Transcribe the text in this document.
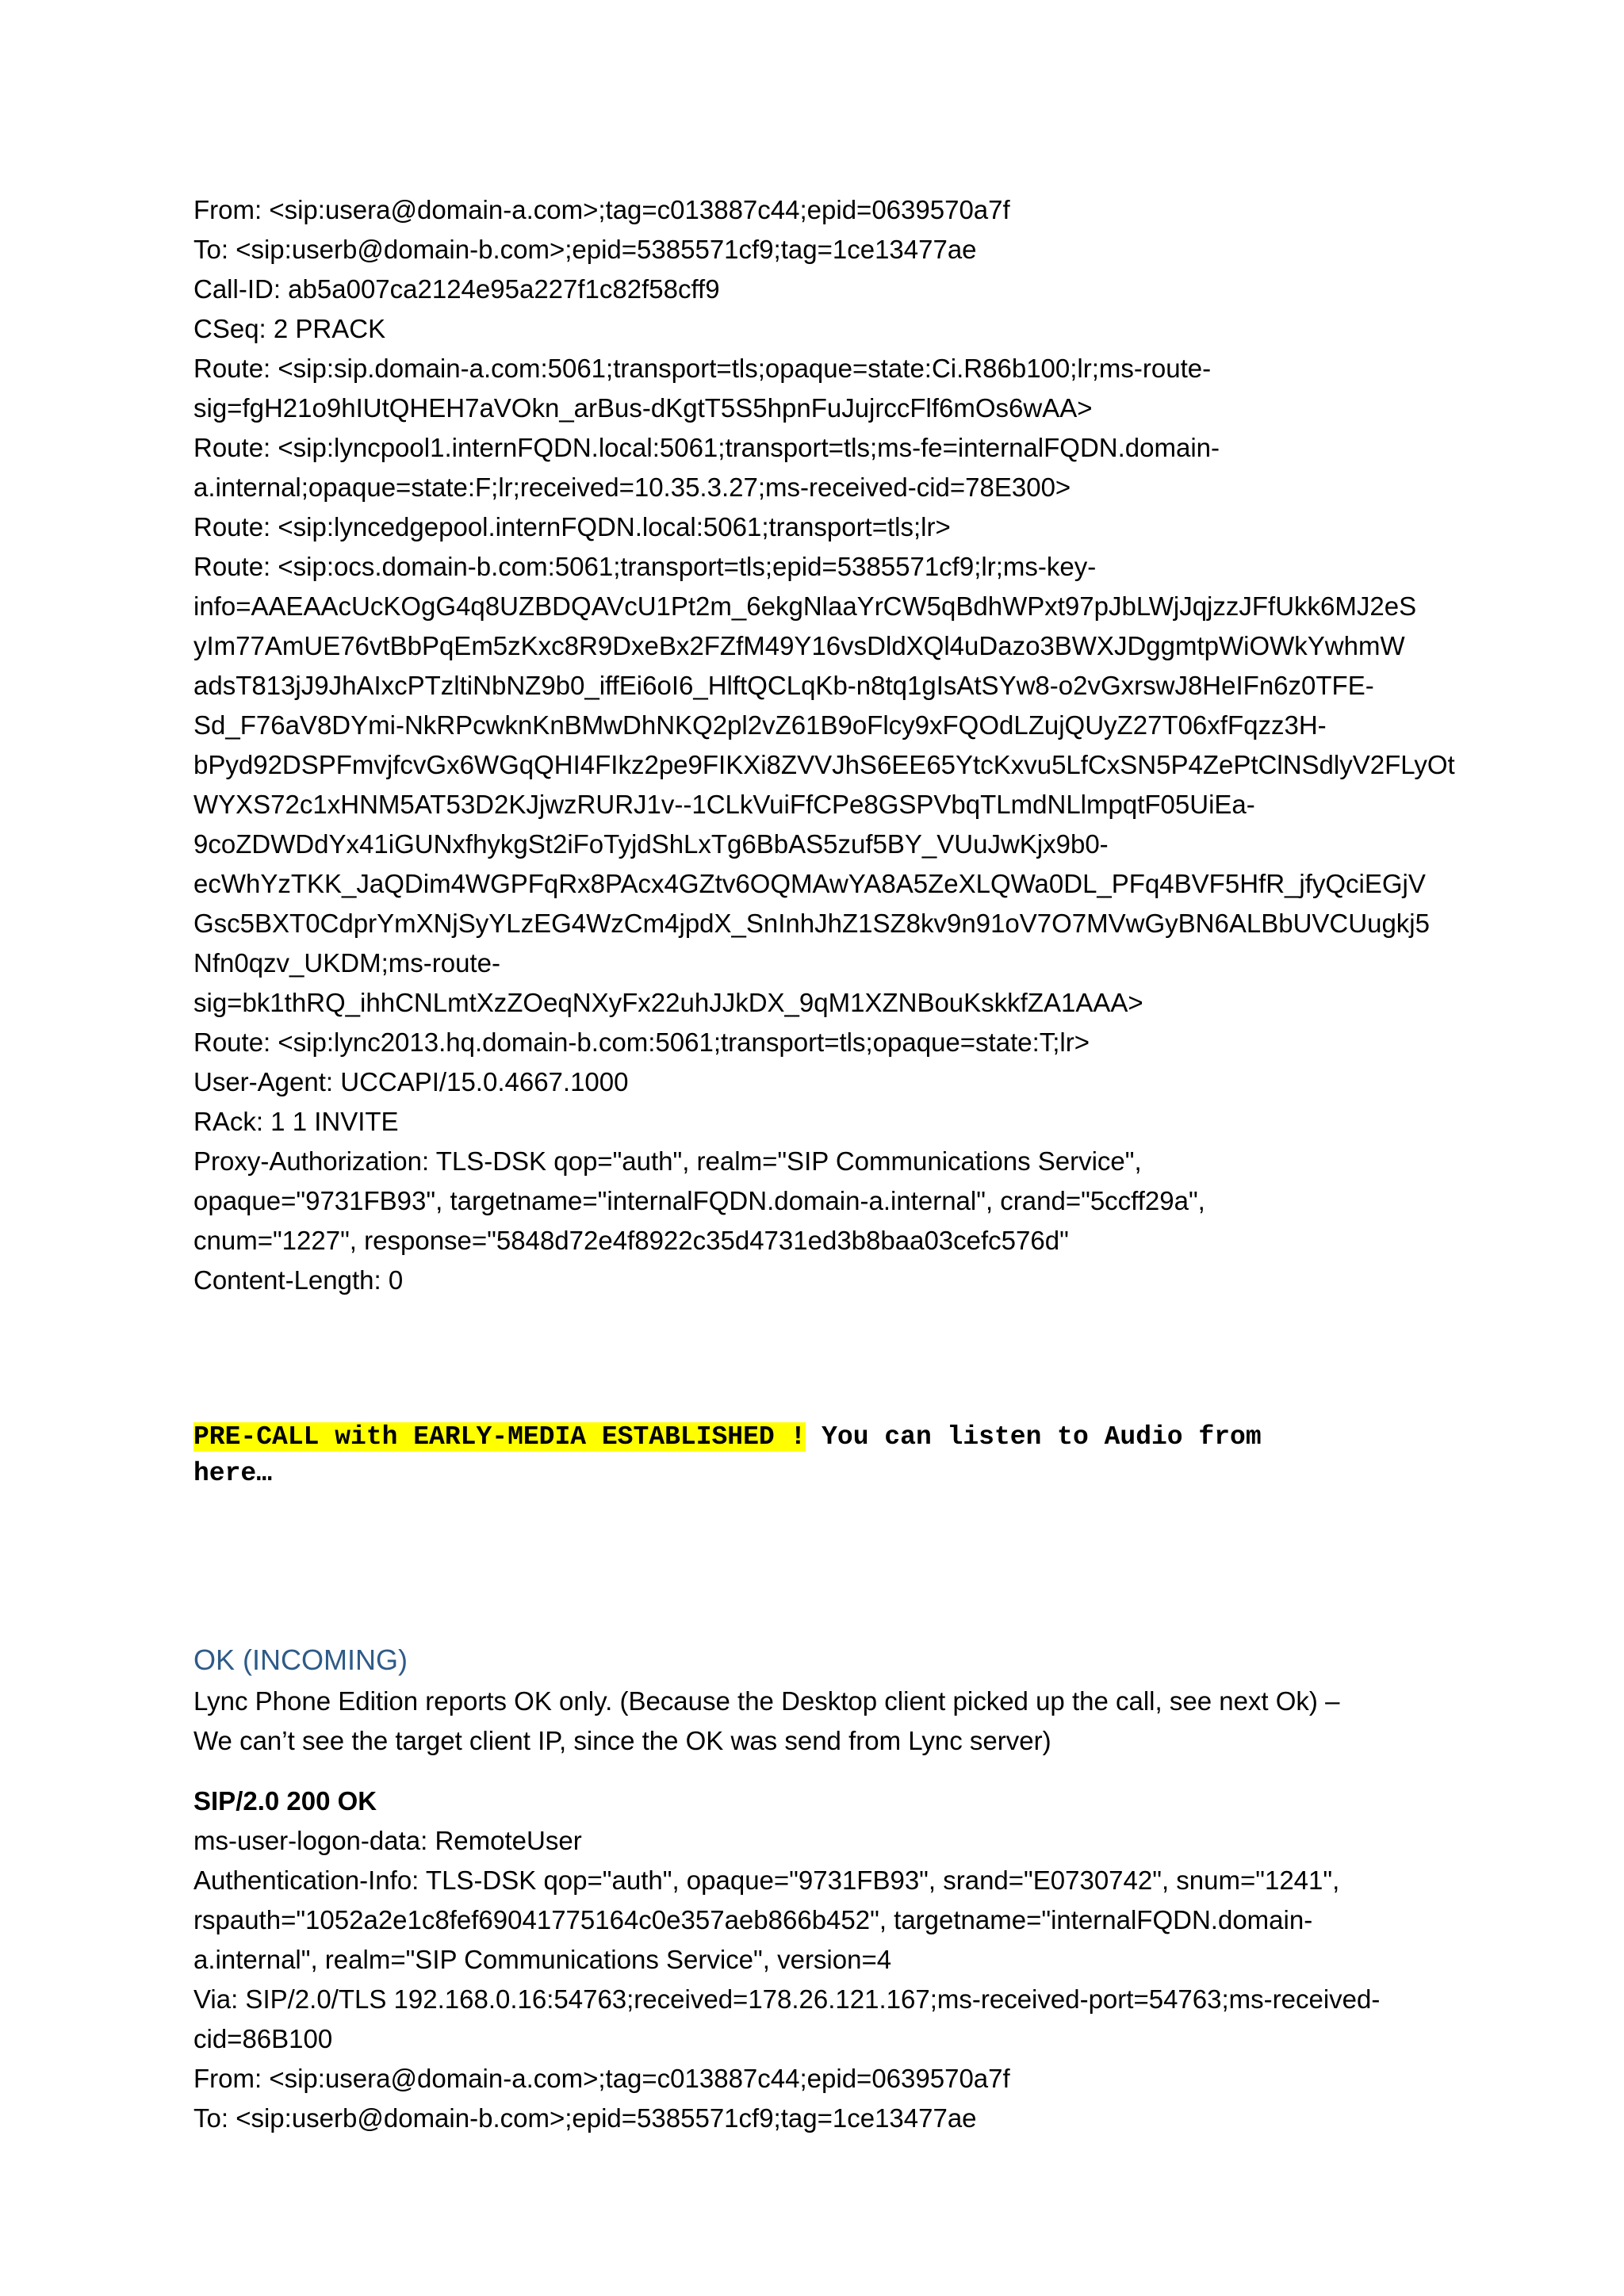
From: <sip:usera@domain-a.com>;tag=c013887c44;epid=0639570a7f
To: <sip:userb@domain-b.com>;epid=5385571cf9;tag=1ce13477ae
Call-ID: ab5a007ca2124e95a227f1c82f58cff9
CSeq: 2 PRACK
Route: <sip:sip.domain-a.com:5061;transport=tls;opaque=state:Ci.R86b100;lr;ms-route-
sig=fgH21o9hIUtQHEH7aVOkn_arBus-dKgtT5S5hpnFuJujrccFlf6mOs6wAA>
Route: <sip:lyncpool1.internFQDN.local:5061;transport=tls;ms-fe=internalFQDN.domain-
a.internal;opaque=state:F;lr;received=10.35.3.27;ms-received-cid=78E300>
Route: <sip:lyncedgepool.internFQDN.local:5061;transport=tls;lr>
Route: <sip:ocs.domain-b.com:5061;transport=tls;epid=5385571cf9;lr;ms-key-
info=AAEAAcUcKOgG4q8UZBDQAVcU1Pt2m_6ekgNlaaYrCW5qBdhWPxt97pJbLWjJqjzzJFfUkk6MJ2eS
yIm77AmUE76vtBbPqEm5zKxc8R9DxeBx2FZfM49Y16vsDldXQl4uDazo3BWXJDggmtpWiOWkYwhmW
adsT813jJ9JhAIxcPTzltiNbNZ9b0_iffEi6oI6_HlftQCLqKb-n8tq1gIsAtSYw8-o2vGxrswJ8HeIFn6z0TFE-
Sd_F76aV8DYmi-NkRPcwknKnBMwDhNKQ2pl2vZ61B9oFlcy9xFQOdLZujQUyZ27T06xfFqzz3H-
bPyd92DSPFmvjfcvGx6WGqQHI4FIkz2pe9FIKXi8ZVVJhS6EE65YtcKxvu5LfCxSN5P4ZePtClNSdlyV2FLyOt
WYXS72c1xHNM5AT53D2KJjwzRURJ1v--1CLkVuiFfCPe8GSPVbqTLmdNLlmpqtF05UiEa-
9coZDWDdYx41iGUNxfhykgSt2iFoTyjdShLxTg6BbAS5zuf5BY_VUuJwKjx9b0-
ecWhYzTKK_JaQDim4WGPFqRx8PAcx4GZtv6OQMAwYA8A5ZeXLQWa0DL_PFq4BVF5HfR_jfyQciEGjV
Gsc5BXT0CdprYmXNjSyYLzEG4WzCm4jpdX_SnInhJhZ1SZ8kv9n91oV7O7MVwGyBN6ALBbUVCUugkj5
Nfn0qzv_UKDM;ms-route-
sig=bk1thRQ_ihhCNLmtXzZOeqNXyFx22uhJJkDX_9qM1XZNBouKskkfZA1AAA>
Route: <sip:lync2013.hq.domain-b.com:5061;transport=tls;opaque=state:T;lr>
User-Agent: UCCAPI/15.0.4667.1000
RAck: 1 1 INVITE
Proxy-Authorization: TLS-DSK qop="auth", realm="SIP Communications Service",
opaque="9731FB93", targetname="internalFQDN.domain-a.internal", crand="5ccff29a",
cnum="1227", response="5848d72e4f8922c35d4731ed3b8baa03cefc576d"
Content-Length: 0
PRE-CALL with EARLY-MEDIA ESTABLISHED ! You can listen to Audio from
here…
OK (INCOMING)
Lync Phone Edition reports OK only. (Because the Desktop client picked up the call, see next Ok) –
We can’t see the target client IP, since the OK was send from Lync server)
SIP/2.0 200 OK
ms-user-logon-data: RemoteUser
Authentication-Info: TLS-DSK qop="auth", opaque="9731FB93", srand="E0730742", snum="1241",
rspauth="1052a2e1c8fef69041775164c0e357aeb866b452", targetname="internalFQDN.domain-
a.internal", realm="SIP Communications Service", version=4
Via: SIP/2.0/TLS 192.168.0.16:54763;received=178.26.121.167;ms-received-port=54763;ms-received-
cid=86B100
From: <sip:usera@domain-a.com>;tag=c013887c44;epid=0639570a7f
To: <sip:userb@domain-b.com>;epid=5385571cf9;tag=1ce13477ae
